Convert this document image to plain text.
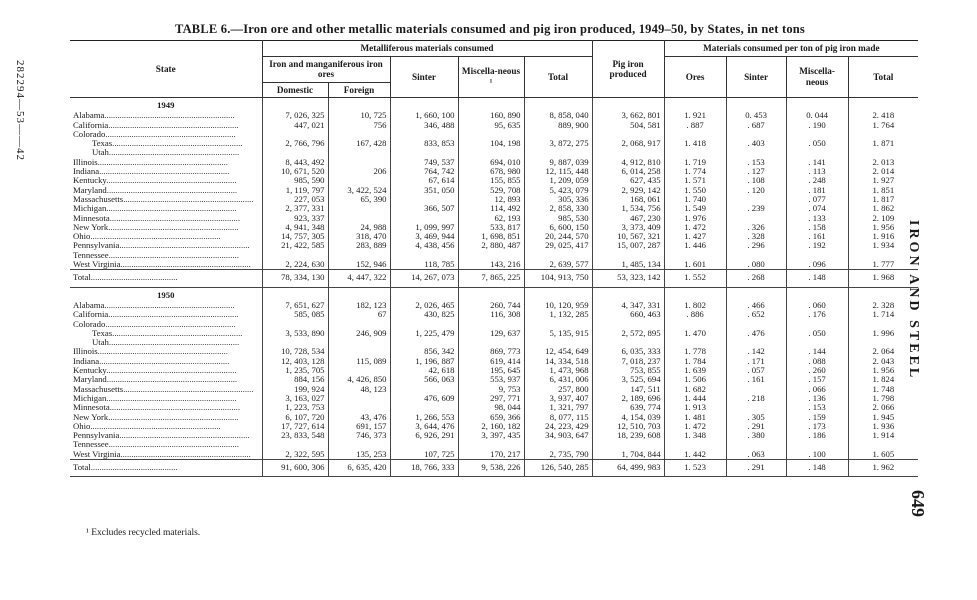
TABLE 6.—Iron ore and other metallic materials consumed and pig iron produced, 1949–50, by States, in net tons
282294—53——42
IRON AND STEEL
649
State	Metalliferous materials consumed					Pig iron produced	Materials consumed per ton of pig iron made			
	Iron and manganiferous iron ores		Sinter	Miscella-neous ¹	Total		Ores	Sinter	Miscella-neous	Total
	Domestic	Foreign								
1949										
Alabama............................................................	7, 026, 325	10, 725	1, 660, 100	160, 890	8, 858, 040	3, 662, 801	1. 921	0. 453	0. 044	2. 418
California............................................................	447, 021	756	346, 488	95, 635	889, 900	504, 581	. 887	. 687	. 190	1. 764
Colorado............................................................										
Texas............................................................	2, 766, 796	167, 428	833, 853	104, 198	3, 872, 275	2, 068, 917	1. 418	. 403	. 050	1. 871
Utah............................................................										
Illinois............................................................	8, 443, 492		749, 537	694, 010	9, 887, 039	4, 912, 810	1. 719	. 153	. 141	2. 013
Indiana............................................................	10, 671, 520	206	764, 742	678, 980	12, 115, 448	6, 014, 258	1. 774	. 127	. 113	2. 014
Kentucky............................................................	985, 590		67, 614	155, 855	1, 209, 059	627, 435	1. 571	. 108	. 248	1. 927
Maryland............................................................	1, 119, 797	3, 422, 524	351, 050	529, 708	5, 423, 079	2, 929, 142	1. 550	. 120	. 181	1. 851
Massachusetts............................................................	227, 053	65, 390		12, 893	305, 336	168, 061	1. 740		. 077	1. 817
Michigan............................................................	2, 377, 331		366, 507	114, 492	2, 858, 330	1, 534, 756	1. 549	. 239	. 074	1. 862
Minnesota............................................................	923, 337			62, 193	985, 530	467, 230	1. 976		. 133	2. 109
New York............................................................	4, 941, 348	24, 988	1, 099, 997	533, 817	6, 600, 150	3, 373, 409	1. 472	. 326	. 158	1. 956
Ohio............................................................	14, 757, 305	318, 470	3, 469, 944	1, 698, 851	20, 244, 570	10, 567, 321	1. 427	. 328	. 161	1. 916
Pennsylvania............................................................	21, 422, 585	283, 889	4, 438, 456	2, 880, 487	29, 025, 417	15, 007, 287	1. 446	. 296	. 192	1. 934
Tennessee............................................................										
West Virginia............................................................	2, 224, 630	152, 946	118, 785	143, 216	2, 639, 577	1, 485, 134	1. 601	. 080	. 096	1. 777
Total........................................	78, 334, 130	4, 447, 322	14, 267, 073	7, 865, 225	104, 913, 750	53, 323, 142	1. 552	. 268	. 148	1. 968
1950										
Alabama............................................................	7, 651, 627	182, 123	2, 026, 465	260, 744	10, 120, 959	4, 347, 331	1. 802	. 466	. 060	2. 328
California............................................................	585, 085	67	430, 825	116, 308	1, 132, 285	660, 463	. 886	. 652	. 176	1. 714
Colorado............................................................										
Texas............................................................	3, 533, 890	246, 909	1, 225, 479	129, 637	5, 135, 915	2, 572, 895	1. 470	. 476	. 050	1. 996
Utah............................................................										
Illinois............................................................	10, 728, 534		856, 342	869, 773	12, 454, 649	6, 035, 333	1. 778	. 142	. 144	2. 064
Indiana............................................................	12, 403, 128	115, 089	1, 196, 887	619, 414	14, 334, 518	7, 018, 237	1. 784	. 171	. 088	2. 043
Kentucky............................................................	1, 235, 705		42, 618	195, 645	1, 473, 968	753, 855	1. 639	. 057	. 260	1. 956
Maryland............................................................	884, 156	4, 426, 850	566, 063	553, 937	6, 431, 006	3, 525, 694	1. 506	. 161	. 157	1. 824
Massachusetts............................................................	199, 924	48, 123		9, 753	257, 800	147, 511	1. 682		. 066	1. 748
Michigan............................................................	3, 163, 027		476, 609	297, 771	3, 937, 407	2, 189, 696	1. 444	. 218	. 136	1. 798
Minnesota............................................................	1, 223, 753			98, 044	1, 321, 797	639, 774	1. 913		. 153	2. 066
New York............................................................	6, 107, 720	43, 476	1, 266, 553	659, 366	8, 077, 115	4, 154, 039	1. 481	. 305	. 159	1. 945
Ohio............................................................	17, 727, 614	691, 157	3, 644, 476	2, 160, 182	24, 223, 429	12, 510, 703	1. 472	. 291	. 173	1. 936
Pennsylvania............................................................	23, 833, 548	746, 373	6, 926, 291	3, 397, 435	34, 903, 647	18, 239, 608	1. 348	. 380	. 186	1. 914
Tennessee............................................................										
West Virginia............................................................	2, 322, 595	135, 253	107, 725	170, 217	2, 735, 790	1, 704, 844	1. 442	. 063	. 100	1. 605
Total........................................	91, 600, 306	6, 635, 420	18, 766, 333	9, 538, 226	126, 540, 285	64, 499, 983	1. 523	. 291	. 148	1. 962
¹ Excludes recycled materials.
